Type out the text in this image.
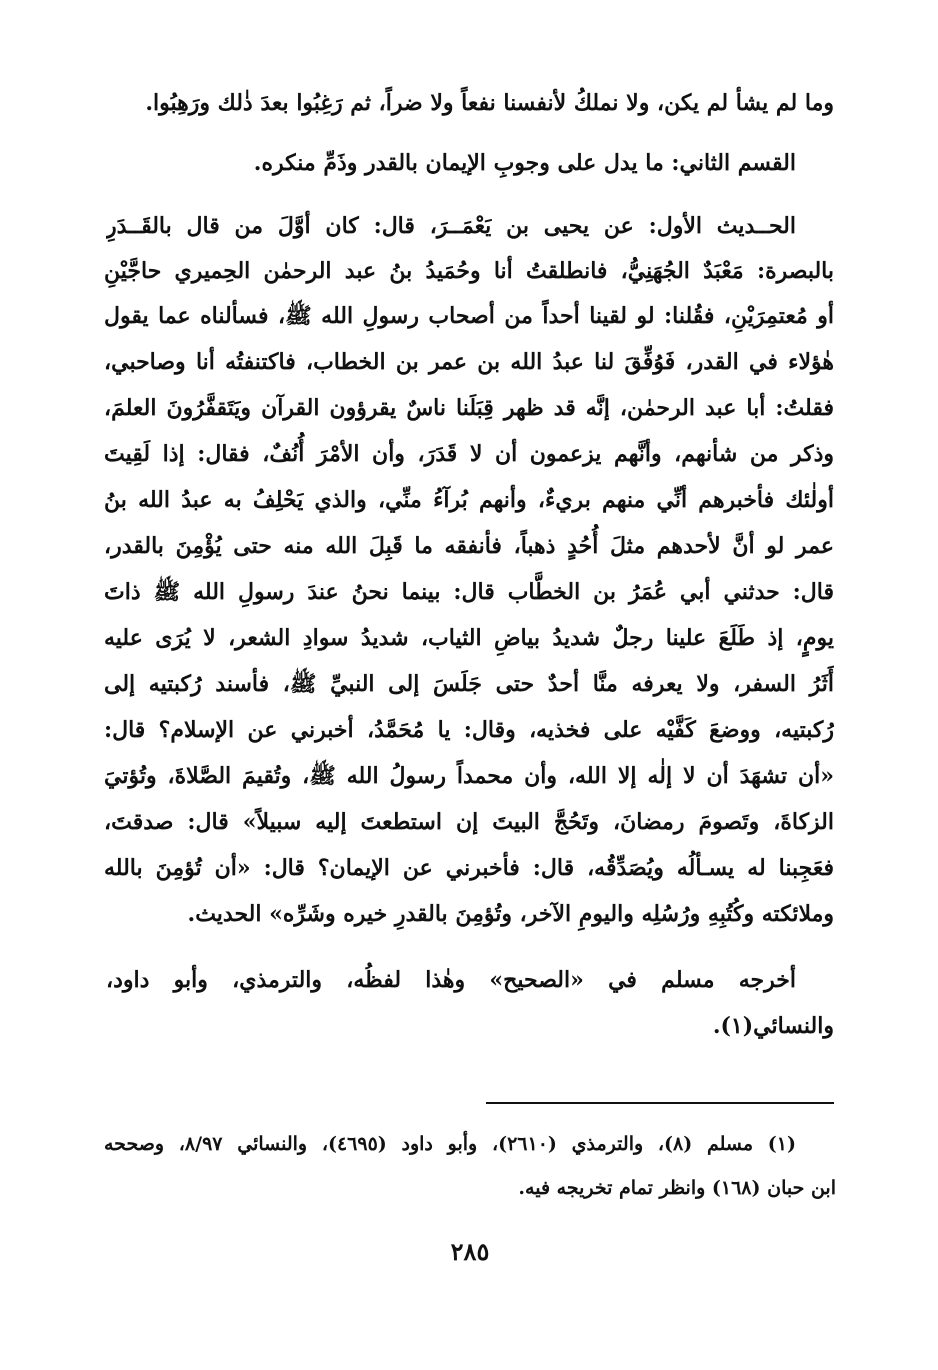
وما لم يشأ لم يكن، ولا نملكُ لأنفسنا نفعاً ولا ضراً، ثم رَغِبُوا بعدَ ذٰلك ورَهِبُوا.
القسم الثاني: ما يدل على وجوبِ الإيمان بالقدر وذَمِّ منكره.
الحــديث الأول: عن يحيى بن يَعْمَــرَ، قال: كان أوَّلَ من قال بالقَــدَرِ
بالبصرة: مَعْبَدٌ الجُهَنِيُّ، فانطلقتُ أنا وحُمَيدُ بنُ عبد الرحمٰن الحِميري حاجَّيْنِ
أو مُعتمِرَيْنِ، فقُلنا: لو لقينا أحداً من أصحاب رسولِ الله ﷺ، فسألناه عما يقول
هٰؤلاء في القدر، فَوُفِّقَ لنا عبدُ الله بن عمر بن الخطاب، فاكتنفتُه أنا وصاحبي،
فقلتُ: أبا عبد الرحمٰن، إنَّه قد ظهر قِبَلَنا ناسٌ يقرؤون القرآن ويَتَقفَّرُونَ العلمَ،
وذكر من شأنهم، وأنَّهم يزعمون أن لا قَدَرَ، وأن الأمْرَ أُنُفٌ، فقال: إذا لَقِيتَ
أولٰئك فأخبرهم أنِّي منهم بريءٌ، وأنهم بُرآءُ منِّي، والذي يَحْلِفُ به عبدُ الله بنُ
عمر لو أنَّ لأحدهم مثلَ أُحُدٍ ذهباً، فأنفقه ما قَبِلَ الله منه حتى يُؤْمِنَ بالقدر،
قال: حدثني أبي عُمَرُ بن الخطَّاب قال: بينما نحنُ عندَ رسولِ الله ﷺ ذاتَ
يومٍ، إذ طَلَعَ علينا رجلٌ شديدُ بياضِ الثياب، شديدُ سوادِ الشعر، لا يُرَى عليه
أَثَرُ السفر، ولا يعرفه منَّا أحدٌ حتى جَلَسَ إلى النبيِّ ﷺ، فأسند رُكبتيه إلى
رُكبتيه، ووضعَ كَفَّيْه على فخذيه، وقال: يا مُحَمَّدُ، أخبرني عن الإسلام؟ قال:
«أن تشهَدَ أن لا إلٰه إلا الله، وأن محمداً رسولُ الله ﷺ، وتُقيمَ الصَّلاةَ، وتُؤتيَ
الزكاةَ، وتَصومَ رمضانَ، وتَحُجَّ البيتَ إن استطعتَ إليه سبيلاً» قال: صدقتَ،
فعَجِبنا له يسـألُه ويُصَدِّقُه، قال: فأخبرني عن الإيمان؟ قال: «أن تُؤمِنَ بالله
وملائكته وكُتُبِهِ ورُسُلِه واليومِ الآخر، وتُؤمِنَ بالقدرِ خيره وشَرِّه» الحديث.
أخرجه مسلم في «الصحيح» وهٰذا لفظُه، والترمذي، وأبو داود،
والنسائي(١).
(١) مسلم (٨)، والترمذي (٢٦١٠)، وأبو داود (٤٦٩٥)، والنسائي ٨/٩٧، وصححه
ابن حبان (١٦٨) وانظر تمام تخريجه فيه.
٢٨٥
